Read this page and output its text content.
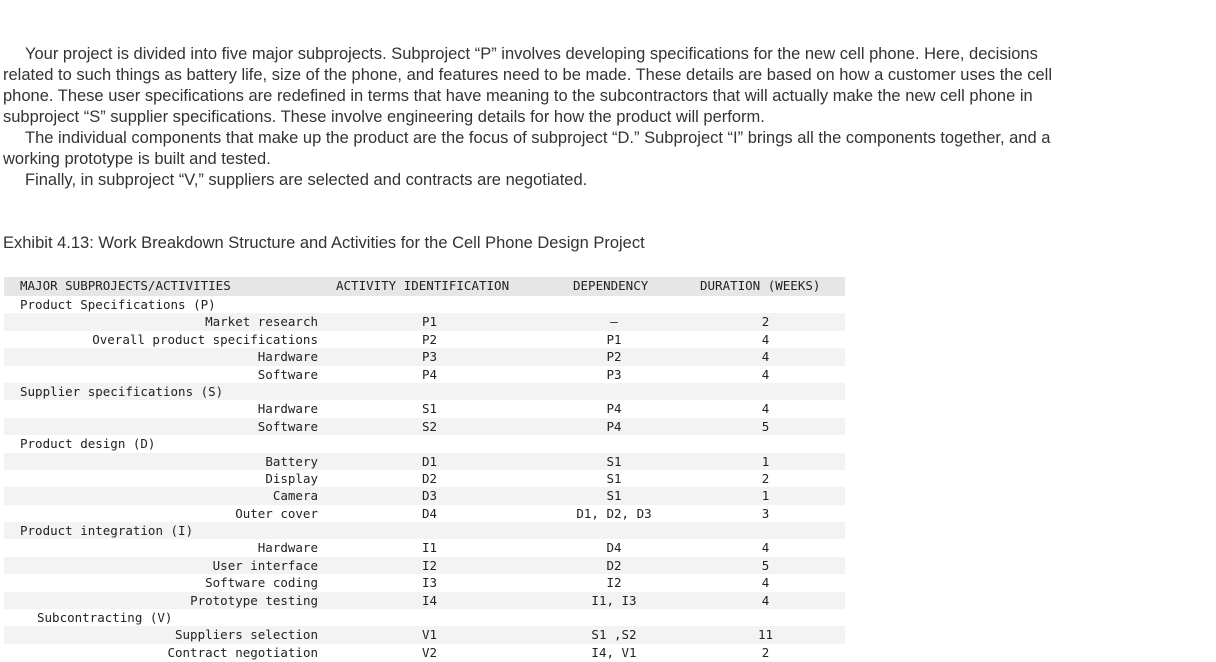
Your project is divided into five major subprojects. Subproject “P” involves developing specifications for the new cell phone. Here, decisions related to such things as battery life, size of the phone, and features need to be made. These details are based on how a customer uses the cell phone. These user specifications are redefined in terms that have meaning to the subcontractors that will actually make the new cell phone in subproject “S” supplier specifications. These involve engineering details for how the product will perform.

The individual components that make up the product are the focus of subproject “D.” Subproject “I” brings all the components together, and a working prototype is built and tested.

Finally, in subproject “V,” suppliers are selected and contracts are negotiated.

Exhibit 4.13: Work Breakdown Structure and Activities for the Cell Phone Design Project
MAJOR SUBPROJECTS/ACTIVITIES	ACTIVITY IDENTIFICATION	DEPENDENCY	DURATION (WEEKS)
Product Specifications (P)
Market research	P1	–	2
Overall product specifications	P2	P1	4
Hardware	P3	P2	4
Software	P4	P3	4
Supplier specifications (S)
Hardware	S1	P4	4
Software	S2	P4	5
Product design (D)
Battery	D1	S1	1
Display	D2	S1	2
Camera	D3	S1	1
Outer cover	D4	D1, D2, D3	3
Product integration (I)
Hardware	I1	D4	4
User interface	I2	D2	5
Software coding	I3	I2	4
Prototype testing	I4	I1, I3	4
Subcontracting (V)
Suppliers selection	V1	S1 ,S2	11
Contract negotiation	V2	I4, V1	2
